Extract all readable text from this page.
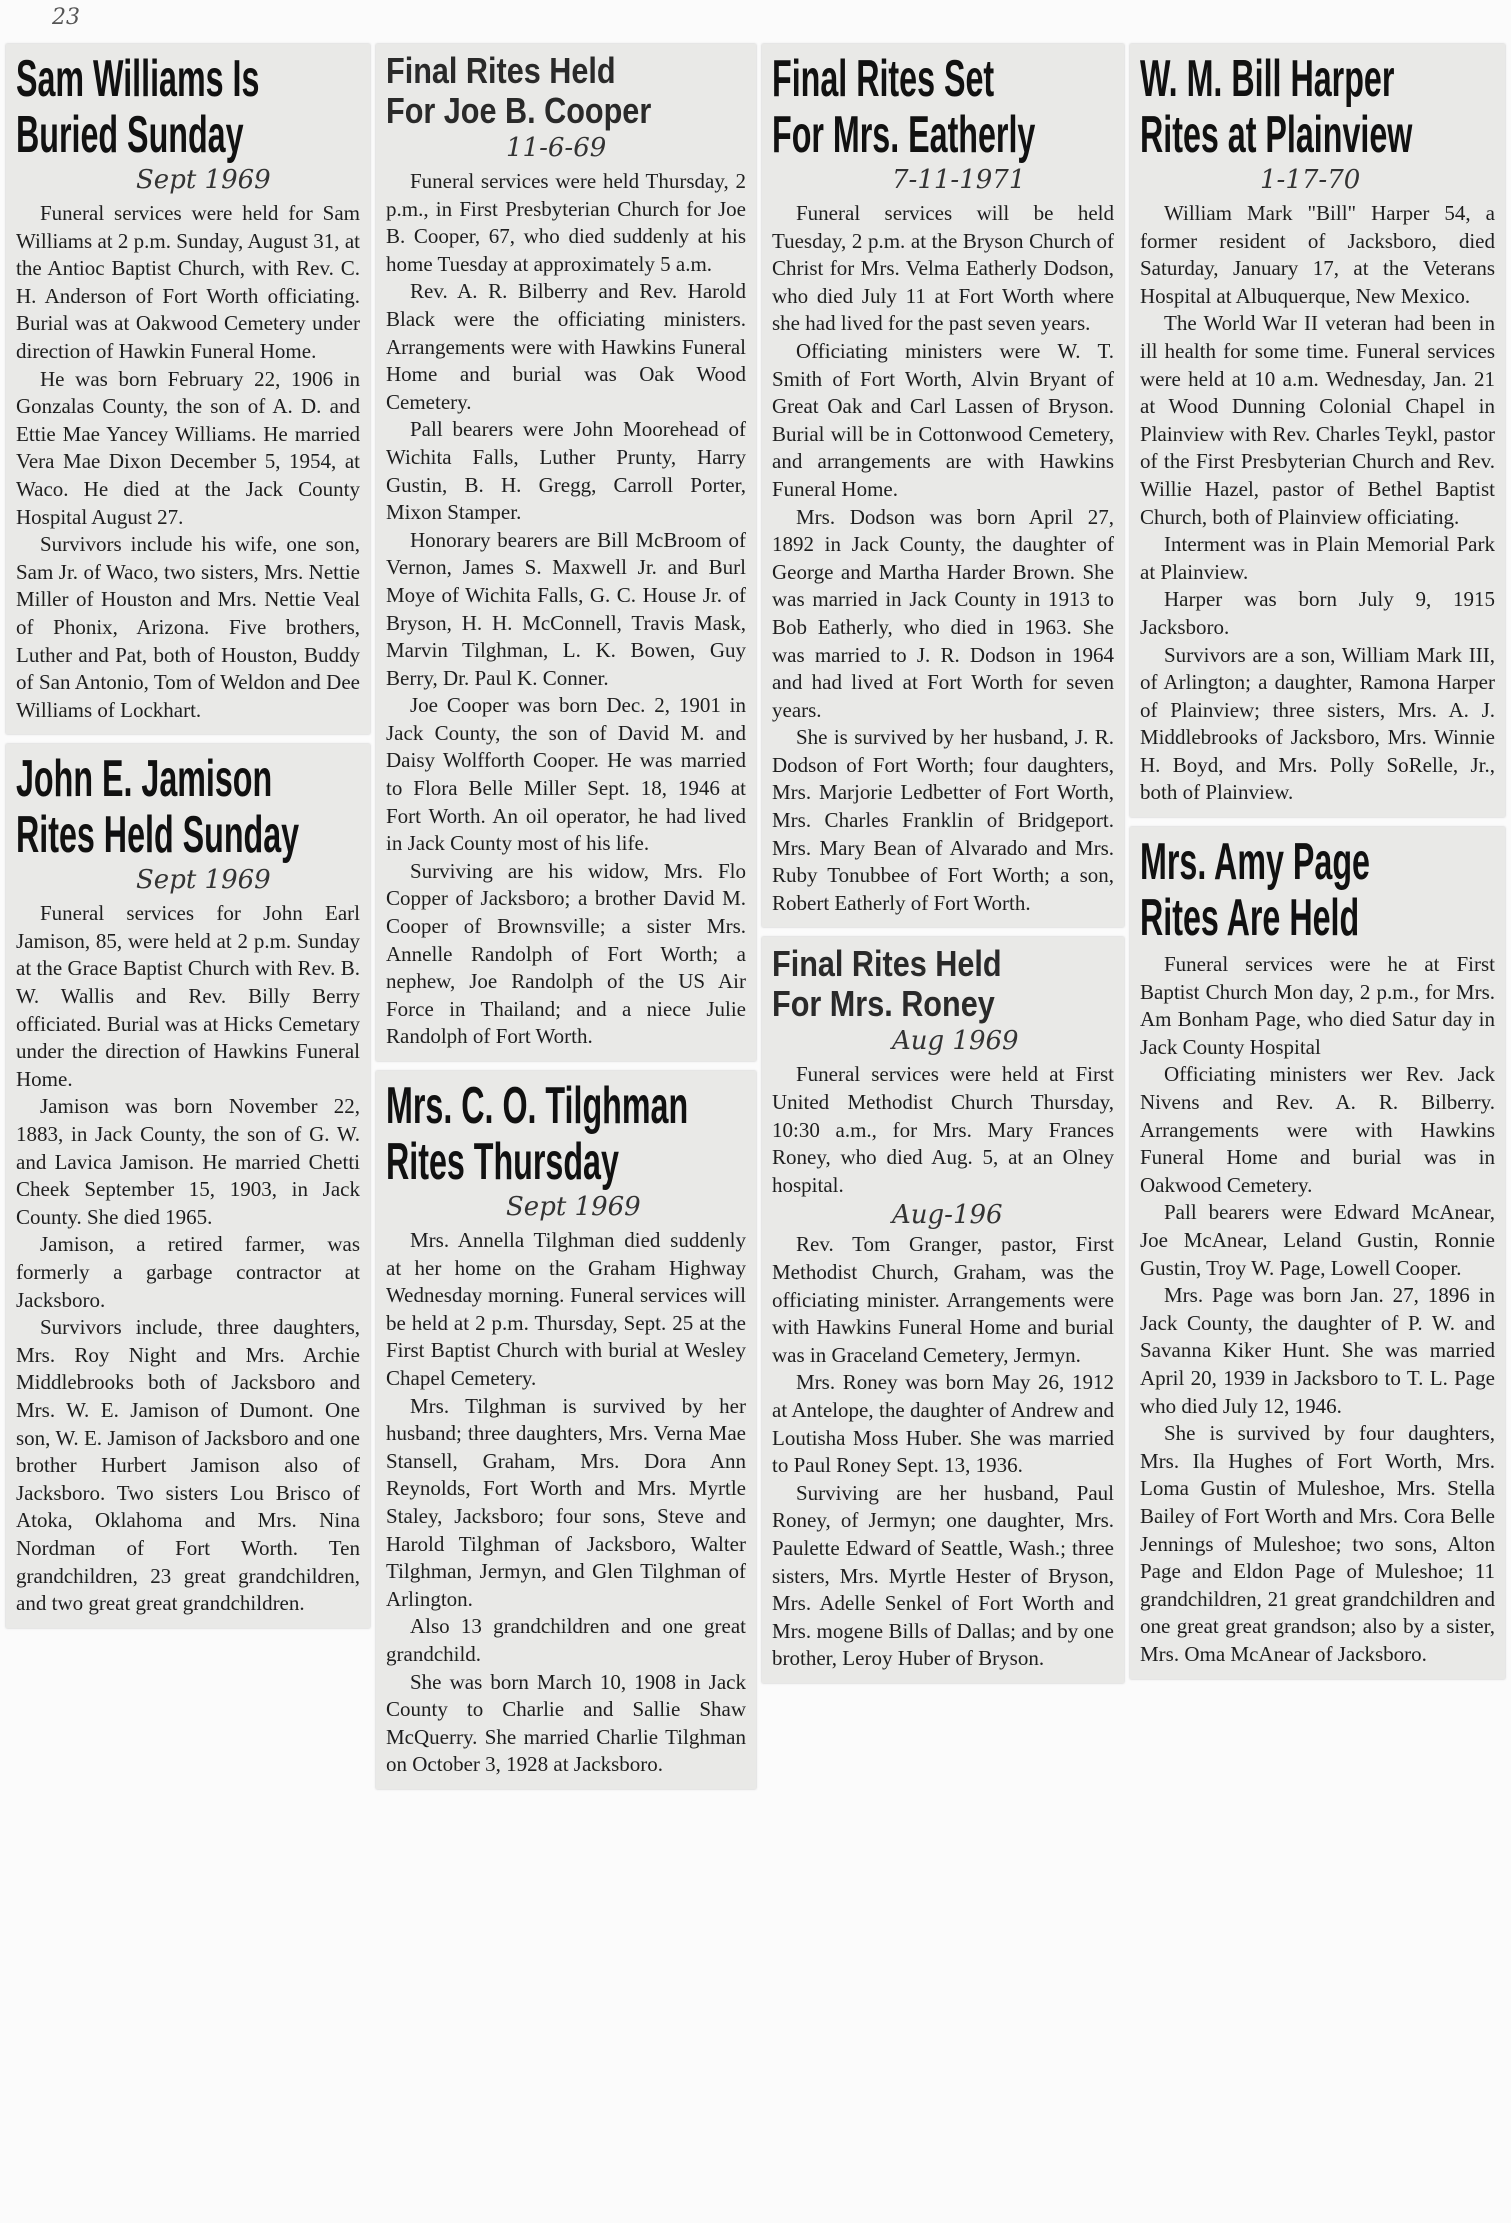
23
Sam Williams Is
Buried Sunday
Sept 1969

Funeral services were held for Sam Williams at 2 p.m. Sunday, August 31, at the Antioc Baptist Church, with Rev. C. H. Anderson of Fort Worth officiating. Burial was at Oakwood Cemetery under direction of Hawkin Funeral Home.

He was born February 22, 1906 in Gonzalas County, the son of A. D. and Ettie Mae Yancey Williams. He married Vera Mae Dixon December 5, 1954, at Waco. He died at the Jack County Hospital August 27.

Survivors include his wife, one son, Sam Jr. of Waco, two sisters, Mrs. Nettie Miller of Houston and Mrs. Nettie Veal of Phonix, Arizona. Five brothers, Luther and Pat, both of Houston, Buddy of San Antonio, Tom of Weldon and Dee Williams of Lockhart.

John E. Jamison
Rites Held Sunday
Sept 1969

Funeral services for John Earl Jamison, 85, were held at 2 p.m. Sunday at the Grace Baptist Church with Rev. B. W. Wallis and Rev. Billy Berry officiated. Burial was at Hicks Cemetary under the direction of Hawkins Funeral Home.

Jamison was born November 22, 1883, in Jack County, the son of G. W. and Lavica Jamison. He married Chetti Cheek September 15, 1903, in Jack County. She died 1965.

Jamison, a retired farmer, was formerly a garbage contractor at Jacksboro.

Survivors include, three daughters, Mrs. Roy Night and Mrs. Archie Middlebrooks both of Jacksboro and Mrs. W. E. Jamison of Dumont. One son, W. E. Jamison of Jacksboro and one brother Hurbert Jamison also of Jacksboro. Two sisters Lou Brisco of Atoka, Oklahoma and Mrs. Nina Nordman of Fort Worth. Ten grandchildren, 23 great grandchildren, and two great great grandchildren.

Final Rites Held
For Joe B. Cooper
11-6-69

Funeral services were held Thursday, 2 p.m., in First Presbyterian Church for Joe B. Cooper, 67, who died suddenly at his home Tuesday at approximately 5 a.m.

Rev. A. R. Bilberry and Rev. Harold Black were the officiating ministers. Arrangements were with Hawkins Funeral Home and burial was Oak Wood Cemetery.

Pall bearers were John Moorehead of Wichita Falls, Luther Prunty, Harry Gustin, B. H. Gregg, Carroll Porter, Mixon Stamper.

Honorary bearers are Bill McBroom of Vernon, James S. Maxwell Jr. and Burl Moye of Wichita Falls, G. C. House Jr. of Bryson, H. H. McConnell, Travis Mask, Marvin Tilghman, L. K. Bowen, Guy Berry, Dr. Paul K. Conner.

Joe Cooper was born Dec. 2, 1901 in Jack County, the son of David M. and Daisy Wolfforth Cooper. He was married to Flora Belle Miller Sept. 18, 1946 at Fort Worth. An oil operator, he had lived in Jack County most of his life.

Surviving are his widow, Mrs. Flo Copper of Jacksboro; a brother David M. Cooper of Brownsville; a sister Mrs. Annelle Randolph of Fort Worth; a nephew, Joe Randolph of the US Air Force in Thailand; and a niece Julie Randolph of Fort Worth.

Mrs. C. O. Tilghman
Rites Thursday
Sept 1969

Mrs. Annella Tilghman died suddenly at her home on the Graham Highway Wednesday morning. Funeral services will be held at 2 p.m. Thursday, Sept. 25 at the First Baptist Church with burial at Wesley Chapel Cemetery.

Mrs. Tilghman is survived by her husband; three daughters, Mrs. Verna Mae Stansell, Graham, Mrs. Dora Ann Reynolds, Fort Worth and Mrs. Myrtle Staley, Jacksboro; four sons, Steve and Harold Tilghman of Jacksboro, Walter Tilghman, Jermyn, and Glen Tilghman of Arlington.

Also 13 grandchildren and one great grandchild.

She was born March 10, 1908 in Jack County to Charlie and Sallie Shaw McQuerry. She married Charlie Tilghman on October 3, 1928 at Jacksboro.

Final Rites Set
For Mrs. Eatherly
7-11-1971

Funeral services will be held Tuesday, 2 p.m. at the Bryson Church of Christ for Mrs. Velma Eatherly Dodson, who died July 11 at Fort Worth where she had lived for the past seven years.

Officiating ministers were W. T. Smith of Fort Worth, Alvin Bryant of Great Oak and Carl Lassen of Bryson. Burial will be in Cottonwood Cemetery, and arrangements are with Hawkins Funeral Home.

Mrs. Dodson was born April 27, 1892 in Jack County, the daughter of George and Martha Harder Brown. She was married in Jack County in 1913 to Bob Eatherly, who died in 1963. She was married to J. R. Dodson in 1964 and had lived at Fort Worth for seven years.

She is survived by her husband, J. R. Dodson of Fort Worth; four daughters, Mrs. Marjorie Ledbetter of Fort Worth, Mrs. Charles Franklin of Bridgeport. Mrs. Mary Bean of Alvarado and Mrs. Ruby Tonubbee of Fort Worth; a son, Robert Eatherly of Fort Worth.

Final Rites Held
For Mrs. Roney
Aug 1969

Funeral services were held at First United Methodist Church Thursday, 10:30 a.m., for Mrs. Mary Frances Roney, who died Aug. 5, at an Olney hospital.

Aug-196

Rev. Tom Granger, pastor, First Methodist Church, Graham, was the officiating minister. Arrangements were with Hawkins Funeral Home and burial was in Graceland Cemetery, Jermyn.

Mrs. Roney was born May 26, 1912 at Antelope, the daughter of Andrew and Loutisha Moss Huber. She was married to Paul Roney Sept. 13, 1936.

Surviving are her husband, Paul Roney, of Jermyn; one daughter, Mrs. Paulette Edward of Seattle, Wash.; three sisters, Mrs. Myrtle Hester of Bryson, Mrs. Adelle Senkel of Fort Worth and Mrs. mogene Bills of Dallas; and by one brother, Leroy Huber of Bryson.

W. M. Bill Harper
Rites at Plainview
1-17-70

William Mark "Bill" Harper 54, a former resident of Jacksboro, died Saturday, January 17, at the Veterans Hospital at Albuquerque, New Mexico.

The World War II veteran had been in ill health for some time. Funeral services were held at 10 a.m. Wednesday, Jan. 21 at Wood Dunning Colonial Chapel in Plainview with Rev. Charles Teykl, pastor of the First Presbyterian Church and Rev. Willie Hazel, pastor of Bethel Baptist Church, both of Plainview officiating.

Interment was in Plain Memorial Park at Plainview.

Harper was born July 9, 1915 Jacksboro.

Survivors are a son, William Mark III, of Arlington; a daughter, Ramona Harper of Plainview; three sisters, Mrs. A. J. Middlebrooks of Jacksboro, Mrs. Winnie H. Boyd, and Mrs. Polly SoRelle, Jr., both of Plainview.

Mrs. Amy Page
Rites Are Held

Funeral services were he at First Baptist Church Mon day, 2 p.m., for Mrs. Am Bonham Page, who died Satur day in Jack County Hospital

Officiating ministers wer Rev. Jack Nivens and Rev. A. R. Bilberry. Arrangements were with Hawkins Funeral Home and burial was in Oakwood Cemetery.

Pall bearers were Edward McAnear, Joe McAnear, Leland Gustin, Ronnie Gustin, Troy W. Page, Lowell Cooper.

Mrs. Page was born Jan. 27, 1896 in Jack County, the daughter of P. W. and Savanna Kiker Hunt. She was married April 20, 1939 in Jacksboro to T. L. Page who died July 12, 1946.

She is survived by four daughters, Mrs. Ila Hughes of Fort Worth, Mrs. Loma Gustin of Muleshoe, Mrs. Stella Bailey of Fort Worth and Mrs. Cora Belle Jennings of Muleshoe; two sons, Alton Page and Eldon Page of Muleshoe; 11 grandchildren, 21 great grandchildren and one great great grandson; also by a sister, Mrs. Oma McAnear of Jacksboro.
